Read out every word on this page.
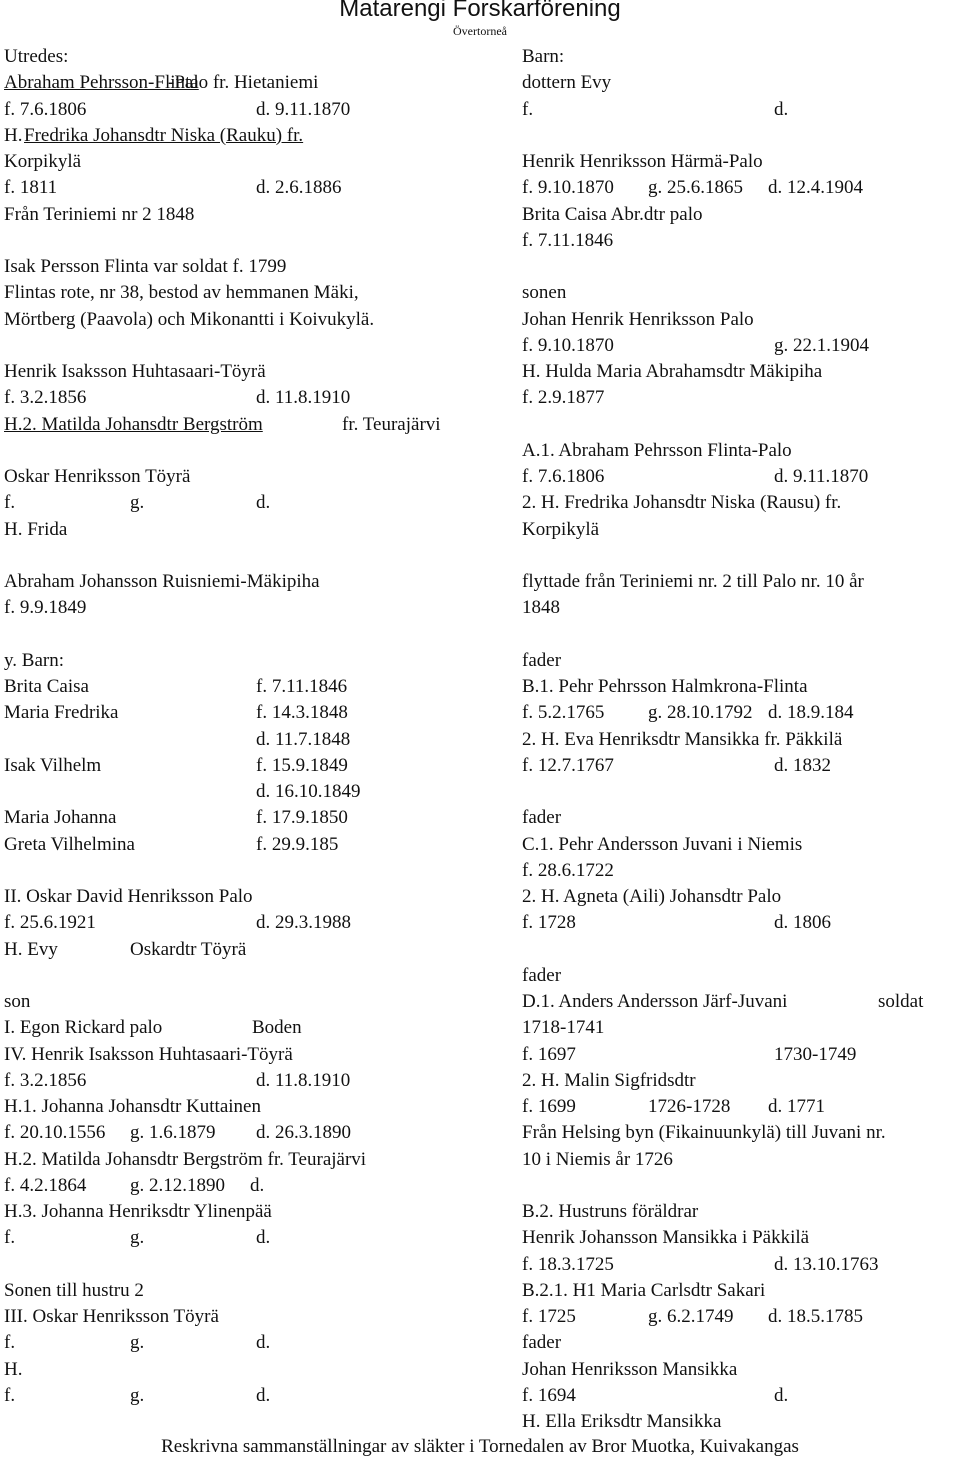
Matarengi Forskarförening
Övertorneå
Utredes:
Abraham Pehrsson-Flinta
-Palo fr. Hietaniemi
f. 7.6.1806	d. 9.11.1870
H. Fredrika Johansdtr Niska (Rauku) fr.
Korpikylä
f. 1811	d. 2.6.1886
Från Teriniemi nr 2 1848
Isak Persson Flinta var soldat f. 1799
Flintas rote, nr 38, bestod av hemmanen Mäki,
Mörtberg (Paavola) och Mikonantti i Koivukylä.
Henrik Isaksson Huhtasaari-Töyrä
f. 3.2.1856	d. 11.8.1910
H.2. Matilda Johansdtr Bergström	fr. Teurajärvi
Oskar Henriksson Töyrä
f.	g.	d.
H. Frida
Abraham Johansson Ruisniemi-Mäkipiha
f. 9.9.1849
y. Barn:
Brita Caisa	f. 7.11.1846
Maria Fredrika	f. 14.3.1848
d. 11.7.1848
Isak Vilhelm	f. 15.9.1849
d. 16.10.1849
Maria Johanna	f. 17.9.1850
Greta Vilhelmina	f. 29.9.185
II. Oskar David Henriksson Palo
f. 25.6.1921	d. 29.3.1988
H. Evy	Oskardtr Töyrä
son
I. Egon Rickard palo	Boden
IV. Henrik Isaksson Huhtasaari-Töyrä
f. 3.2.1856	d. 11.8.1910
H.1. Johanna Johansdtr Kuttainen
f. 20.10.1556 g. 1.6.1879 d. 26.3.1890
H.2. Matilda Johansdtr Bergström fr. Teurajärvi
f. 4.2.1864 g. 2.12.1890 d.
H.3. Johanna Henriksdtr Ylinenpää
f.	g.	d.
Sonen till hustru 2
III. Oskar Henriksson Töyrä
f.	g.	d.
H.
f.	g.	d.
Barn:
dottern Evy
f.	d.
Henrik Henriksson Härmä-Palo
f. 9.10.1870 g. 25.6.1865 d. 12.4.1904
Brita Caisa Abr.dtr palo
f. 7.11.1846
sonen
Johan Henrik Henriksson Palo
f. 9.10.1870	g. 22.1.1904
H. Hulda Maria Abrahamsdtr Mäkipiha
f. 2.9.1877
A.1. Abraham Pehrsson Flinta-Palo
f. 7.6.1806	d. 9.11.1870
2. H. Fredrika Johansdtr Niska (Rausu) fr.
Korpikylä
flyttade från Teriniemi nr. 2 till Palo nr. 10 år
1848
fader
B.1. Pehr Pehrsson Halmkrona-Flinta
f. 5.2.1765 g. 28.10.1792 d. 18.9.184
2. H. Eva Henriksdtr Mansikka fr. Päkkilä
f. 12.7.1767	d. 1832
fader
C.1. Pehr Andersson Juvani i Niemis
f. 28.6.1722
2. H. Agneta (Aili) Johansdtr Palo
f. 1728	d. 1806
fader
D.1. Anders Andersson Järf-Juvani	soldat
1718-1741
f. 1697	1730-1749
2. H. Malin Sigfridsdtr
f. 1699	1726-1728 d. 1771
Från Helsing byn (Fikainuunkylä) till Juvani nr.
10 i Niemis år 1726
B.2. Hustruns föräldrar
Henrik Johansson Mansikka i Päkkilä
f. 18.3.1725	d. 13.10.1763
B.2.1. H1 Maria Carlsdtr Sakari
f. 1725	g. 6.2.1749 d. 18.5.1785
fader
Johan Henriksson Mansikka
f. 1694	d.
H. Ella Eriksdtr Mansikka
Reskrivna sammanställningar av släkter i Tornedalen av Bror Muotka, Kuivakangas
